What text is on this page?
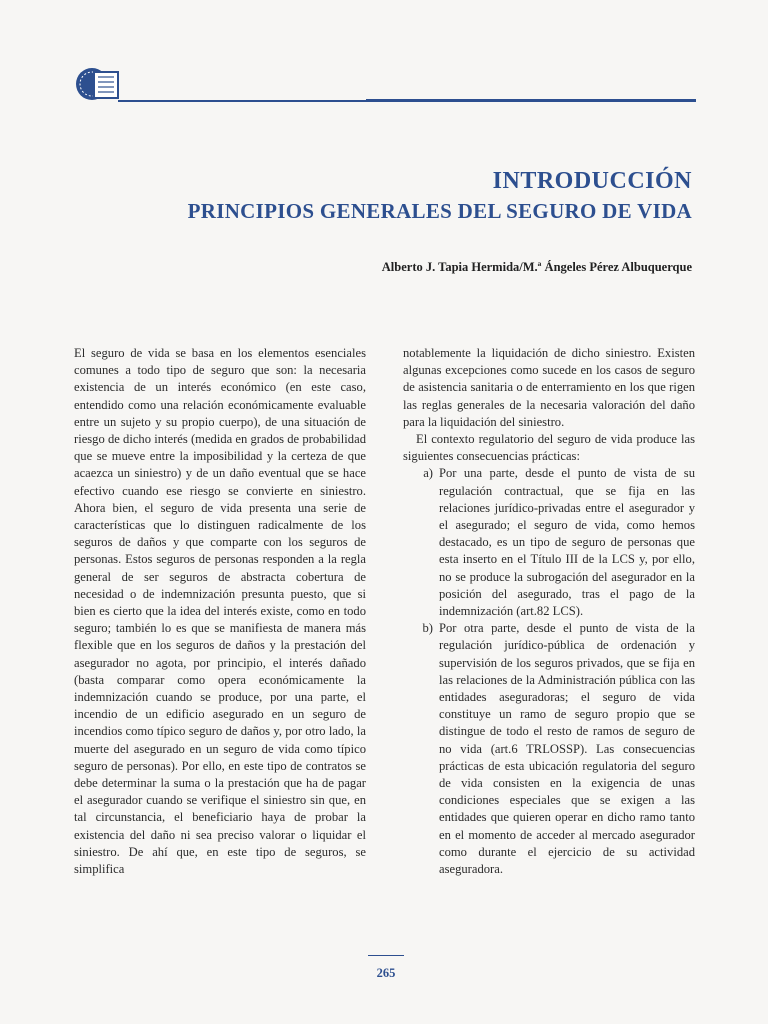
INTRODUCCIÓN
PRINCIPIOS GENERALES DEL SEGURO DE VIDA
Alberto J. Tapia Hermida/M.ª Ángeles Pérez Albuquerque

El seguro de vida se basa en los elementos esenciales comunes a todo tipo de seguro que son: la necesaria existencia de un interés económico (en este caso, entendido como una relación económicamente evaluable entre un sujeto y su propio cuerpo), de una situación de riesgo de dicho interés (medida en grados de probabilidad que se mueve entre la imposibilidad y la certeza de que acaezca un siniestro) y de un daño eventual que se hace efectivo cuando ese riesgo se convierte en siniestro. Ahora bien, el seguro de vida presenta una serie de características que lo distinguen radicalmente de los seguros de daños y que comparte con los seguros de personas. Estos seguros de personas responden a la regla general de ser seguros de abstracta cobertura de necesidad o de indemnización presunta puesto, que si bien es cierto que la idea del interés existe, como en todo seguro; también lo es que se manifiesta de manera más flexible que en los seguros de daños y la prestación del asegurador no agota, por principio, el interés dañado (basta comparar como opera económicamente la indemnización cuando se produce, por una parte, el incendio de un edificio asegurado en un seguro de incendios como típico seguro de daños y, por otro lado, la muerte del asegurado en un seguro de vida como típico seguro de personas). Por ello, en este tipo de contratos se debe determinar la suma o la prestación que ha de pagar el asegurador cuando se verifique el siniestro sin que, en tal circunstancia, el beneficiario haya de probar la existencia del daño ni sea preciso valorar o liquidar el siniestro. De ahí que, en este tipo de seguros, se simplifica

notablemente la liquidación de dicho siniestro. Existen algunas excepciones como sucede en los casos de seguro de asistencia sanitaria o de enterramiento en los que rigen las reglas generales de la necesaria valoración del daño para la liquidación del siniestro.

El contexto regulatorio del seguro de vida produce las siguientes consecuencias prácticas:

a) Por una parte, desde el punto de vista de su regulación contractual, que se fija en las relaciones jurídico-privadas entre el asegurador y el asegurado; el seguro de vida, como hemos destacado, es un tipo de seguro de personas que esta inserto en el Título III de la LCS y, por ello, no se produce la subrogación del asegurador en la posición del asegurado, tras el pago de la indemnización (art.82 LCS).
b) Por otra parte, desde el punto de vista de la regulación jurídico-pública de ordenación y supervisión de los seguros privados, que se fija en las relaciones de la Administración pública con las entidades aseguradoras; el seguro de vida constituye un ramo de seguro propio que se distingue de todo el resto de ramos de seguro de no vida (art.6 TRLOSSP). Las consecuencias prácticas de esta ubicación regulatoria del seguro de vida consisten en la exigencia de unas condiciones especiales que se exigen a las entidades que quieren operar en dicho ramo tanto en el momento de acceder al mercado asegurador como durante el ejercicio de su actividad aseguradora.
265
